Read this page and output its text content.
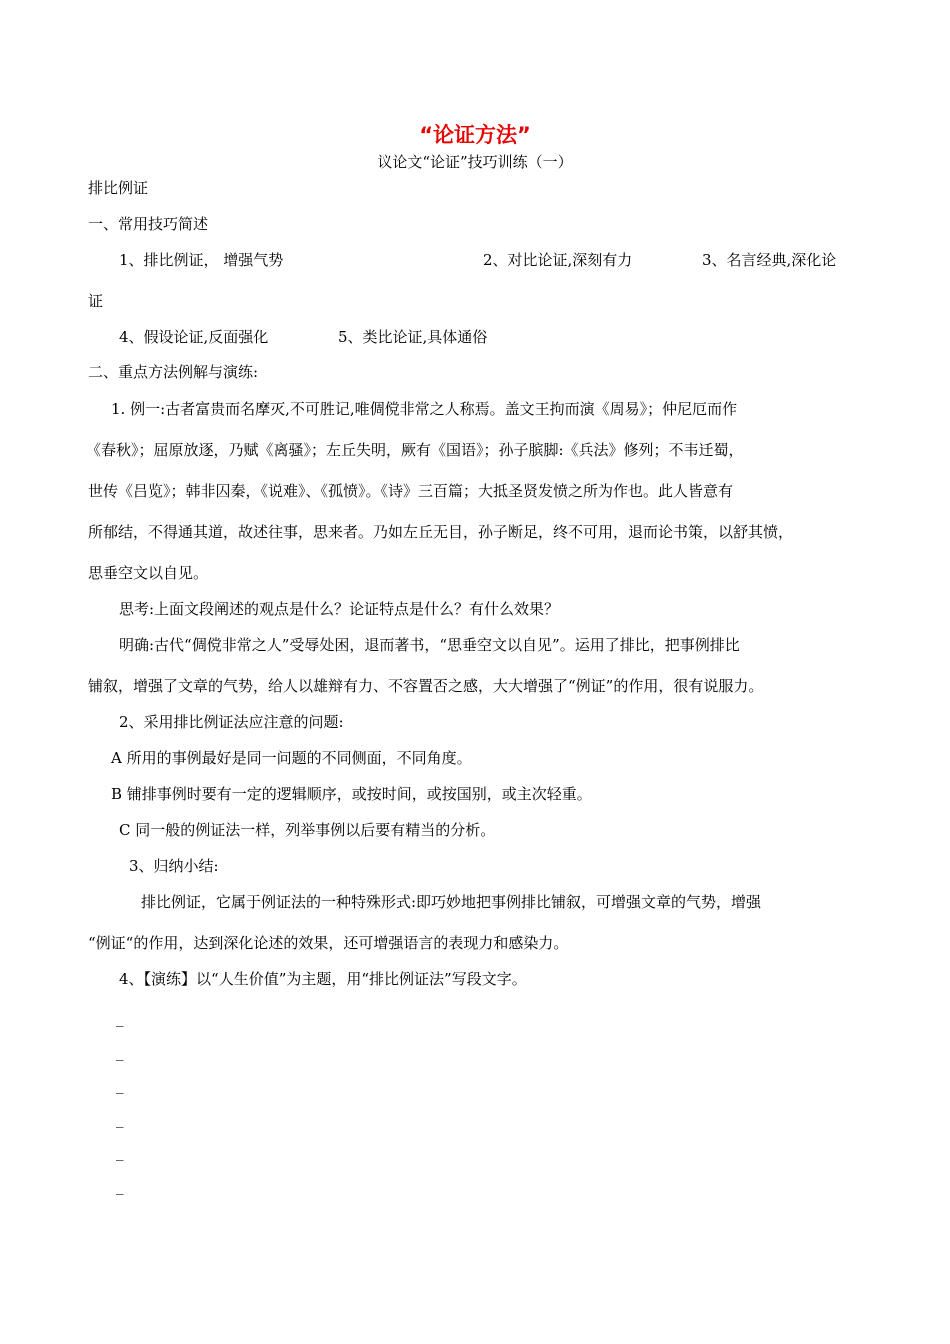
“论证方法”
议论文“论证”技巧训练（一）
排比例证
一、常用技巧简述
1、排比例证， 增强气势	2、对比论证,深刻有力	3、名言经典,深化论
证
4、假设论证,反面强化	5、类比论证,具体通俗
二、重点方法例解与演练:
1. 例一:古者富贵而名摩灭,不可胜记,唯倜傥非常之人称焉。盖文王拘而演《周易》；仲尼厄而作
《春秋》；屈原放逐，乃赋《离骚》；左丘失明，厥有《国语》；孙子膑脚:《兵法》修列；不韦迁蜀，
世传《吕览》；韩非囚秦，《说难》、《孤愤》。《诗》三百篇；大抵圣贤发愤之所为作也。此人皆意有
所郁结，不得通其道，故述往事，思来者。乃如左丘无目，孙子断足，终不可用，退而论书策，以舒其愤，
思垂空文以自见。
思考:上面文段阐述的观点是什么？论证特点是什么？有什么效果？
明确:古代“倜傥非常之人”受辱处困，退而著书，“思垂空文以自见”。运用了排比，把事例排比
铺叙，增强了文章的气势，给人以雄辩有力、不容置否之感，大大增强了“例证”的作用，很有说服力。
2、采用排比例证法应注意的问题:
A 所用的事例最好是同一问题的不同侧面，不同角度。
B 铺排事例时要有一定的逻辑顺序，或按时间，或按国别，或主次轻重。
C 同一般的例证法一样，列举事例以后要有精当的分析。
3、归纳小结:
排比例证，它属于例证法的一种特殊形式:即巧妙地把事例排比铺叙，可增强文章的气势，增强
“例证“的作用，达到深化论述的效果，还可增强语言的表现力和感染力。
4、【演练】以“人生价值”为主题，用“排比例证法”写段文字。
_
_
_
_
_
_
